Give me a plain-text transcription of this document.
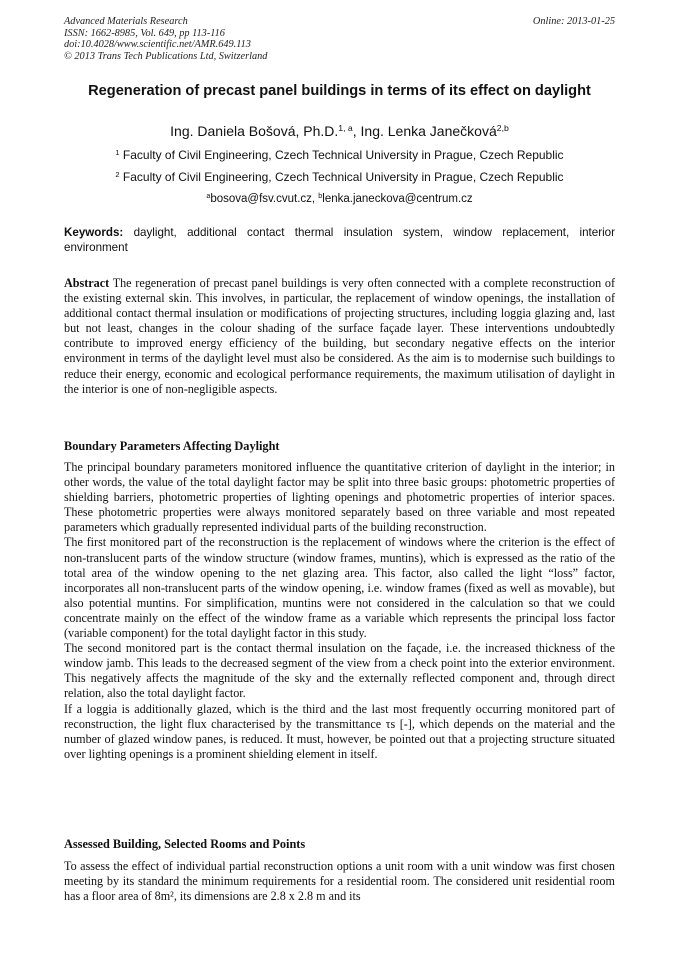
Advanced Materials Research
ISSN: 1662-8985, Vol. 649, pp 113-116
doi:10.4028/www.scientific.net/AMR.649.113
© 2013 Trans Tech Publications Ltd, Switzerland
Online: 2013-01-25
Regeneration of precast panel buildings in terms of its effect on daylight
Ing. Daniela Bošová, Ph.D.$^{1, a}$, Ing. Lenka Janečková$^{2,b}$
$^1$ Faculty of Civil Engineering, Czech Technical University in Prague, Czech Republic
$^2$ Faculty of Civil Engineering, Czech Technical University in Prague, Czech Republic
$^a$bosova@fsv.cvut.cz, $^b$lenka.janeckova@centrum.cz
Keywords: daylight, additional contact thermal insulation system, window replacement, interior environment
Abstract The regeneration of precast panel buildings is very often connected with a complete reconstruction of the existing external skin. This involves, in particular, the replacement of window openings, the installation of additional contact thermal insulation or modifications of projecting structures, including loggia glazing and, last but not least, changes in the colour shading of the surface façade layer. These interventions undoubtedly contribute to improved energy efficiency of the building, but secondary negative effects on the interior environment in terms of the daylight level must also be considered. As the aim is to modernise such buildings to reduce their energy, economic and ecological performance requirements, the maximum utilisation of daylight in the interior is one of non-negligible aspects.
Boundary Parameters Affecting Daylight

The principal boundary parameters monitored influence the quantitative criterion of daylight in the interior; in other words, the value of the total daylight factor may be split into three basic groups: photometric properties of shielding barriers, photometric properties of lighting openings and photometric properties of interior spaces. These photometric properties were always monitored separately based on three variable and most repeated parameters which gradually represented individual parts of the building reconstruction.

The first monitored part of the reconstruction is the replacement of windows where the criterion is the effect of non-translucent parts of the window structure (window frames, muntins), which is expressed as the ratio of the total area of the window opening to the net glazing area. This factor, also called the light “loss” factor, incorporates all non-translucent parts of the window opening, i.e. window frames (fixed as well as movable), but also potential muntins. For simplification, muntins were not considered in the calculation so that we could concentrate mainly on the effect of the window frame as a variable which represents the principal loss factor (variable component) for the total daylight factor in this study.

The second monitored part is the contact thermal insulation on the façade, i.e. the increased thickness of the window jamb. This leads to the decreased segment of the view from a check point into the exterior environment. This negatively affects the magnitude of the sky and the externally reflected component and, through direct relation, also the total daylight factor.

If a loggia is additionally glazed, which is the third and the last most frequently occurring monitored part of reconstruction, the light flux characterised by the transmittance τs [-], which depends on the material and the number of glazed window panes, is reduced. It must, however, be pointed out that a projecting structure situated over lighting openings is a prominent shielding element in itself.

Assessed Building, Selected Rooms and Points

To assess the effect of individual partial reconstruction options a unit room with a unit window was first chosen meeting by its standard the minimum requirements for a residential room. The considered unit residential room has a floor area of 8m², its dimensions are 2.8 x 2.8 m and its
